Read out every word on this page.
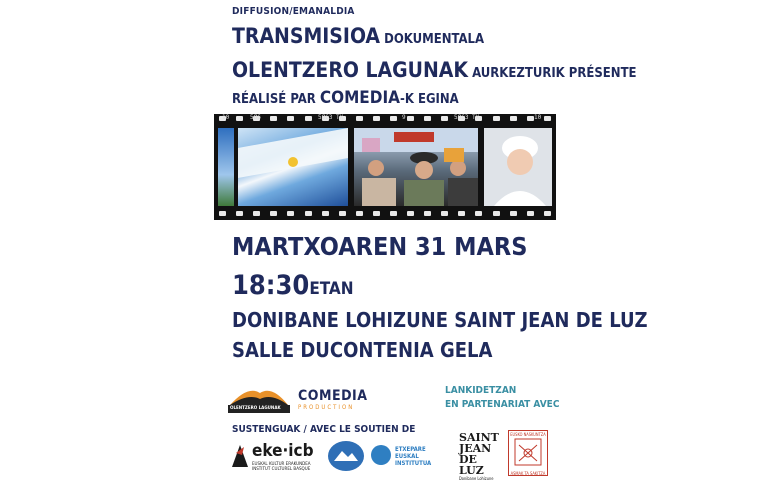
DIFFUSION/EMANALDIA
TRANSMISIOA DOKUMENTALA
OLENTZERO LAGUNAK AURKEZTURIK PRÉSENTE
RÉALISÉ PAR COMEDIA-K EGINA
10	5Ø6	5Ø63 TX	9	5Ø63 TX	10
MARTXOAREN 31 MARS
18:30ETAN
DONIBANE LOHIZUNE SAINT JEAN DE LUZ
SALLE DUCONTENIA GELA
OLENTZERO LAGUNAK
COMEDIA
PRODUCTION
LANKIDETZAN
EN PARTENARIAT AVEC
SUSTENGUAK / AVEC LE SOUTIEN DE
eke·icb
EUSKAL KULTUR ERAKUNDEA
INSTITUT CULTUREL BASQUE
ETXEPARE
EUSKAL
INSTITUTUA
SAINT
JEAN
DE LUZ
Donibane Lohizune
EUSKO NASKUNTZA
ASMAK TA SAKITZA
